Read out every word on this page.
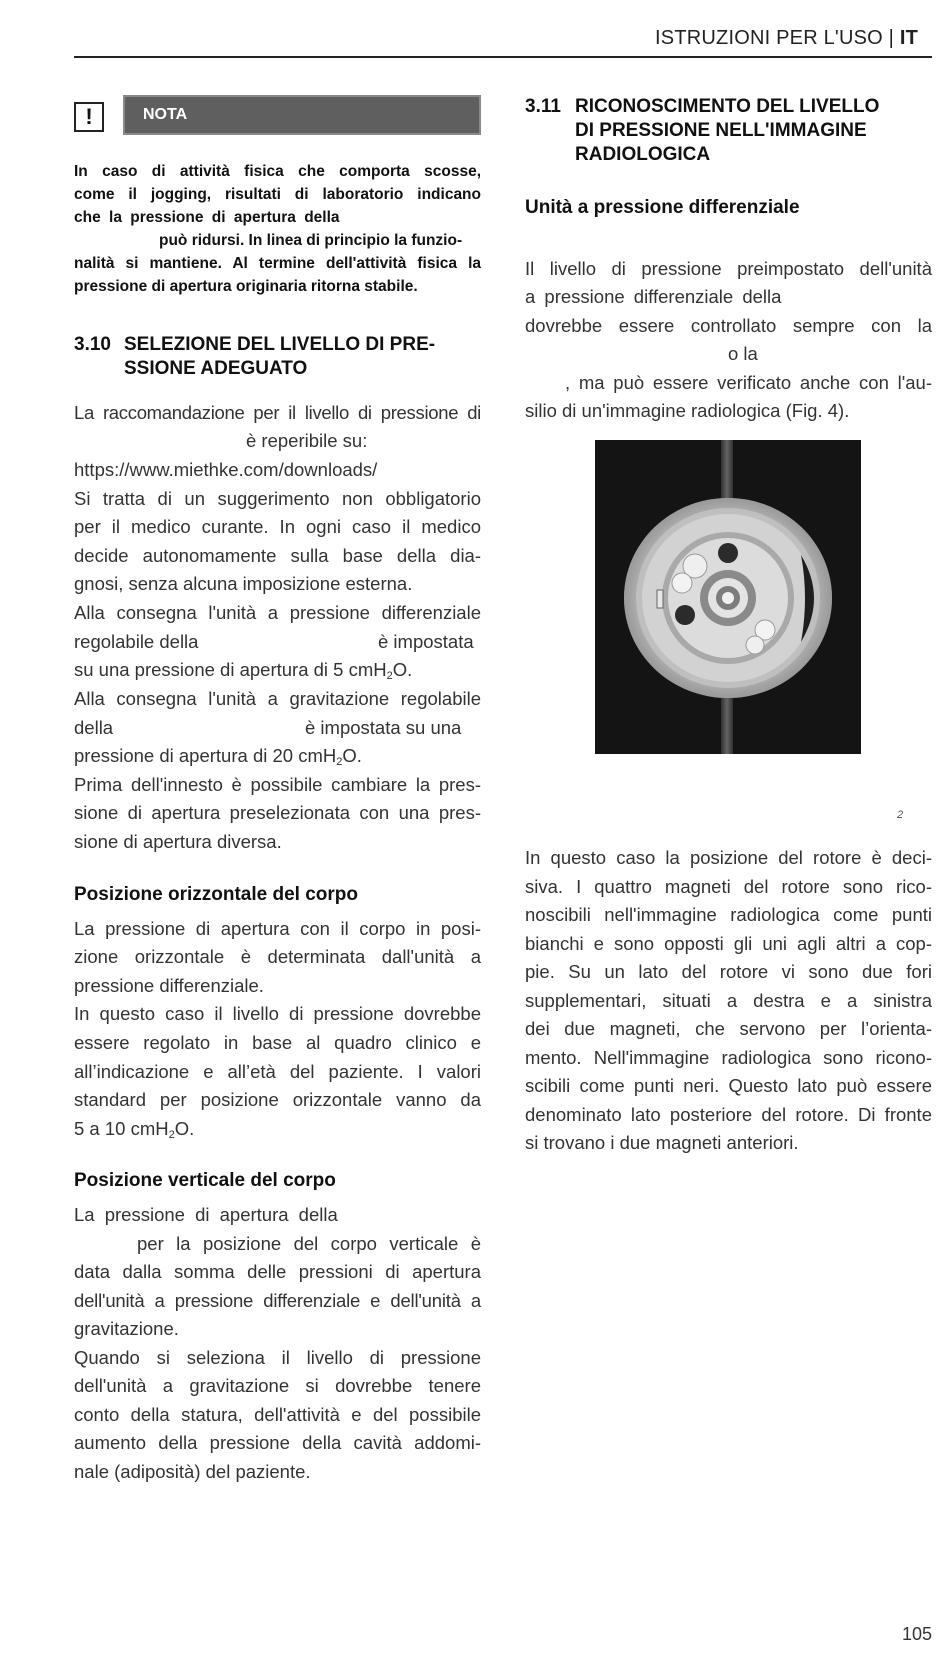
ISTRUZIONI PER L'USO | IT
!	NOTA
In caso di attività fisica che comporta scosse,
come il jogging, risultati di laboratorio indicano
che la pressione di apertura della
può ridursi. In linea di principio la funzio-
nalità si mantiene. Al termine dell'attività fisica la
pressione di apertura originaria ritorna stabile.
3.10 SELEZIONE DEL LIVELLO DI PRE-
SSIONE ADEGUATO
La raccomandazione per il livello di pressione di
è reperibile su:
https://www.miethke.com/downloads/
Si tratta di un suggerimento non obbligatorio
per il medico curante. In ogni caso il medico
decide autonomamente sulla base della dia-
gnosi, senza alcuna imposizione esterna.
Alla consegna l'unità a pressione differenziale
regolabile della	è impostata
su una pressione di apertura di 5 cmH$_2$O.
Alla consegna l'unità a gravitazione regolabile
della	è impostata su una
pressione di apertura di 20 cmH$_2$O.
Prima dell'innesto è possibile cambiare la pres-
sione di apertura preselezionata con una pres-
sione di apertura diversa.
Posizione orizzontale del corpo
La pressione di apertura con il corpo in posi-
zione orizzontale è determinata dall'unità a
pressione differenziale.
In questo caso il livello di pressione dovrebbe
essere regolato in base al quadro clinico e
all’indicazione e all’età del paziente. I valori
standard per posizione orizzontale vanno da
5 a 10 cmH$_2$O.
Posizione verticale del corpo
La pressione di apertura della
per la posizione del corpo verticale è
data dalla somma delle pressioni di apertura
dell'unità a pressione differenziale e dell'unità a
gravitazione.
Quando si seleziona il livello di pressione
dell'unità a gravitazione si dovrebbe tenere
conto della statura, dell'attività e del possibile
aumento della pressione della cavità addomi-
nale (adiposità) del paziente.
3.11 RICONOSCIMENTO DEL LIVELLO
DI PRESSIONE NELL'IMMAGINE
RADIOLOGICA
Unità a pressione differenziale
Il livello di pressione preimpostato dell'unità
a pressione differenziale della
dovrebbe essere controllato sempre con la
o la
, ma può essere verificato anche con l'au-
silio di un'immagine radiologica (Fig. 4).
2
In questo caso la posizione del rotore è deci-
siva. I quattro magneti del rotore sono rico-
noscibili nell'immagine radiologica come punti
bianchi e sono opposti gli uni agli altri a cop-
pie. Su un lato del rotore vi sono due fori
supplementari, situati a destra e a sinistra
dei due magneti, che servono per l’orienta-
mento. Nell'immagine radiologica sono ricono-
scibili come punti neri. Questo lato può essere
denominato lato posteriore del rotore. Di fronte
si trovano i due magneti anteriori.
105
